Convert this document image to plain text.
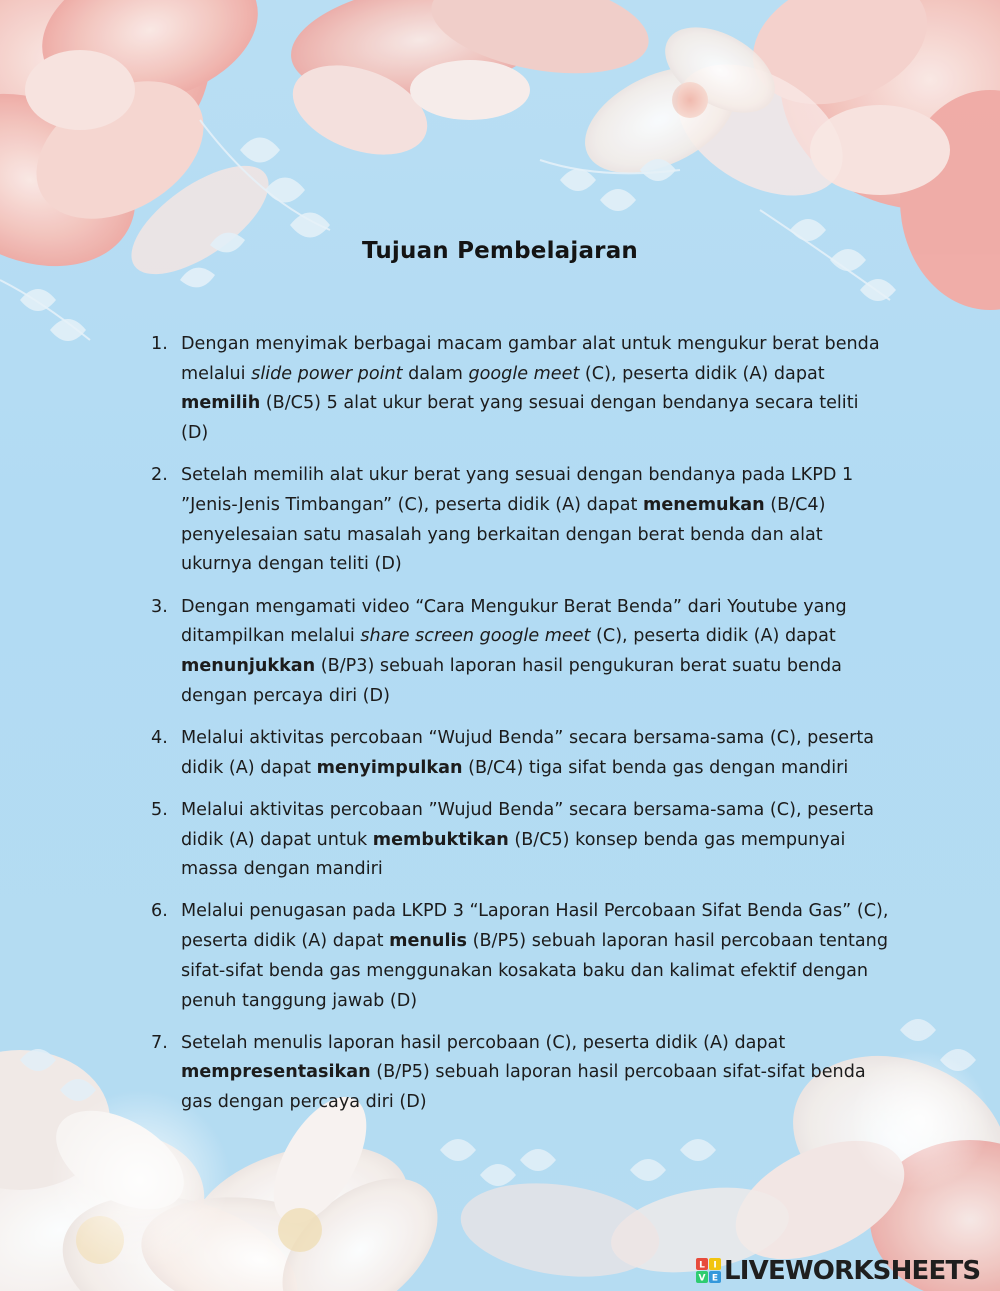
Tujuan Pembelajaran
1. Dengan menyimak berbagai macam gambar alat untuk mengukur berat benda melalui slide power point dalam google meet (C), peserta didik (A) dapat memilih (B/C5) 5 alat ukur berat yang sesuai dengan bendanya secara teliti (D)
2. Setelah memilih alat ukur berat yang sesuai dengan bendanya pada LKPD 1 ”Jenis-Jenis Timbangan” (C), peserta didik (A) dapat menemukan (B/C4) penyelesaian satu masalah yang berkaitan dengan berat benda dan alat ukurnya dengan teliti (D)
3. Dengan mengamati video “Cara Mengukur Berat Benda” dari Youtube yang ditampilkan melalui share screen google meet (C), peserta didik (A) dapat menunjukkan (B/P3) sebuah laporan hasil pengukuran berat suatu benda dengan percaya diri (D)
4. Melalui aktivitas percobaan “Wujud Benda” secara bersama-sama (C), peserta didik (A) dapat menyimpulkan (B/C4) tiga sifat benda gas dengan mandiri
5. Melalui aktivitas percobaan ”Wujud Benda” secara bersama-sama (C), peserta didik (A) dapat untuk membuktikan (B/C5) konsep benda gas mempunyai massa dengan mandiri
6. Melalui penugasan pada LKPD 3 “Laporan Hasil Percobaan Sifat Benda Gas” (C), peserta didik (A) dapat menulis (B/P5) sebuah laporan hasil percobaan tentang sifat-sifat benda gas menggunakan kosakata baku dan kalimat efektif dengan penuh tanggung jawab (D)
7. Setelah menulis laporan hasil percobaan (C), peserta didik (A) dapat mempresentasikan (B/P5) sebuah laporan hasil percobaan sifat-sifat benda gas dengan percaya diri (D)
L I
V E LIVEWORKSHEETS
